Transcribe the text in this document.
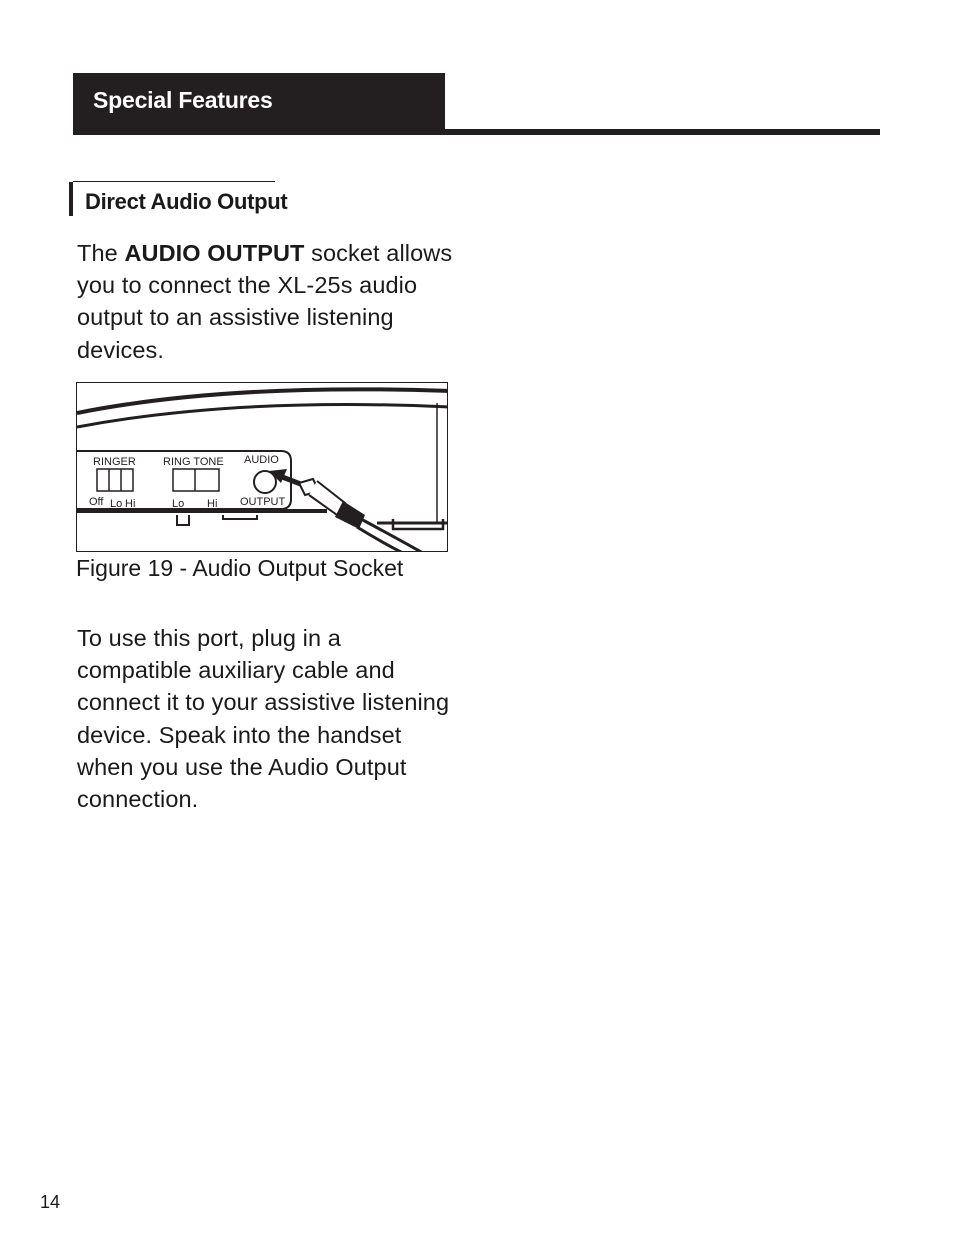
Special Features
Direct Audio Output
The AUDIO OUTPUT socket allows you to connect the XL-25s audio output to an assistive listening devices.
RINGER RING TONE AUDIO
OUTPUT
Off Lo Hi	Lo Hi
Figure 19 - Audio Output Socket
To use this port, plug in a compatible auxiliary cable and connect it to your assistive listening device. Speak into the handset when you use the Audio Output connection.
14
